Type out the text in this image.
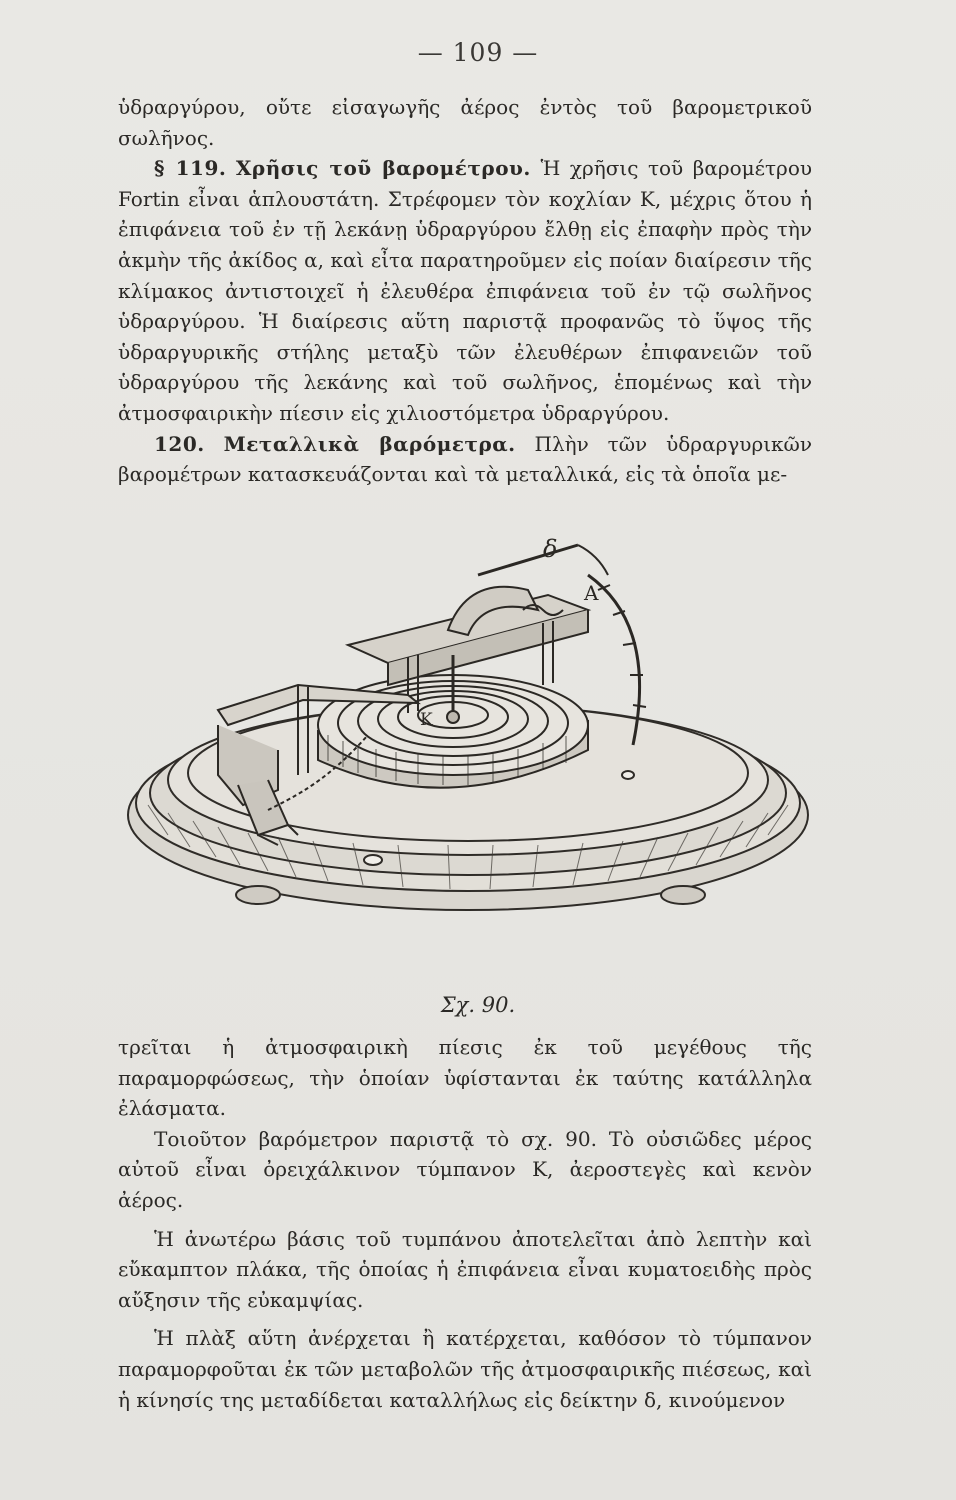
— 109 —

ὑδραργύρου, οὔτε εἰσαγωγῆς ἀέρος ἐντὸς τοῦ βαρομετρικοῦ σωλῆνος.

§ 119. Χρῆσις τοῦ βαρομέτρου. Ἡ χρῆσις τοῦ βαρομέτρου Fortin εἶναι ἁπλουστάτη. Στρέφομεν τὸν κοχλίαν Κ, μέχρις ὅτου ἡ ἐπιφάνεια τοῦ ἐν τῇ λεκάνῃ ὑδραργύρου ἔλθῃ εἰς ἐπαφὴν πρὸς τὴν ἀκμὴν τῆς ἀκίδος α, καὶ εἶτα παρατηροῦμεν εἰς ποίαν διαίρεσιν τῆς κλίμακος ἀντιστοιχεῖ ἡ ἐλευθέρα ἐπιφάνεια τοῦ ἐν τῷ σωλῆνος ὑδραργύρου. Ἡ διαίρεσις αὕτη παριστᾷ προφανῶς τὸ ὕψος τῆς ὑδραργυρικῆς στήλης μεταξὺ τῶν ἐλευθέρων ἐπιφανειῶν τοῦ ὑδραργύρου τῆς λεκάνης καὶ τοῦ σωλῆνος, ἑπομένως καὶ τὴν ἀτμοσφαιρικὴν πίεσιν εἰς χιλιοστόμετρα ὑδραργύρου.

120. Μεταλλικὰ βαρόμετρα. Πλὴν τῶν ὑδραργυρικῶν βαρομέτρων κατασκευάζονται καὶ τὰ μεταλλικά, εἰς τὰ ὁποῖα με-

δ
Α
Κ
Σχ. 90.

τρεῖται ἡ ἀτμοσφαιρικὴ πίεσις ἐκ τοῦ μεγέθους τῆς παραμορφώσεως, τὴν ὁποίαν ὑφίστανται ἐκ ταύτης κατάλληλα ἐλάσματα.

Τοιοῦτον βαρόμετρον παριστᾷ τὸ σχ. 90. Τὸ οὐσιῶδες μέρος αὐτοῦ εἶναι ὀρειχάλκινον τύμπανον Κ, ἀεροστεγὲς καὶ κενὸν ἀέρος.

Ἡ ἀνωτέρω βάσις τοῦ τυμπάνου ἀποτελεῖται ἀπὸ λεπτὴν καὶ εὔκαμπτον πλάκα, τῆς ὁποίας ἡ ἐπιφάνεια εἶναι κυματοειδὴς πρὸς αὔξησιν τῆς εὐκαμψίας.

Ἡ πλὰξ αὕτη ἀνέρχεται ἢ κατέρχεται, καθόσον τὸ τύμπανον παραμορφοῦται ἐκ τῶν μεταβολῶν τῆς ἀτμοσφαιρικῆς πιέσεως, καὶ ἡ κίνησίς της μεταδίδεται καταλλήλως εἰς δείκτην δ, κινούμενον
